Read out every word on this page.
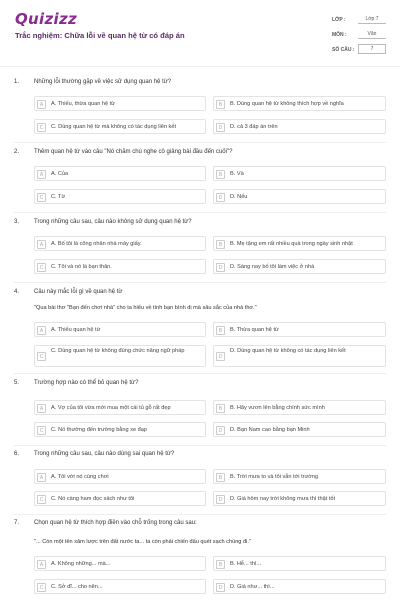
Quizizz
Trắc nghiệm: Chữa lỗi về quan hệ từ có đáp án
LỚP :	Lớp 7
MÔN :	Văn
SỐ CÂU :	7
1. Những lỗi thường gặp về việc sử dụng quan hệ từ?
A	A. Thiếu, thừa quan hệ từ	B	B. Dùng quan hệ từ không thích hợp về nghĩa
C	C. Dùng quan hệ từ mà không có tác dụng liên kết	D	D. cả 3 đáp án trên
2. Thêm quan hệ từ vào câu "Nó chăm chú nghe cô giảng bài đầu đến cuối"?
A	A. Của	B	B. Và
C	C. Từ	D	D. Nếu
3. Trong những câu sau, câu nào không sử dụng quan hệ từ?
A	A. Bố tôi là công nhân nhà máy giấy.	B	B. Mẹ tặng em rất nhiều quà trong ngày sinh nhật
C	C. Tôi và nó là bạn thân.	D	D. Sáng nay bố tôi làm việc ở nhà
4. Câu này mắc lỗi gì về quan hệ từ
"Qua bài thơ "Bạn đến chơi nhà" cho ta hiểu về tình bạn bình dị mà sâu sắc của nhà thơ."
A	A. Thiếu quan hệ từ	B	B. Thừa quan hệ từ
C
C. Dùng quan hệ từ không đúng chức năng ngữ pháp
D
D. Dùng quan hệ từ không có tác dụng liên kết
5. Trường hợp nào có thể bỏ quan hệ từ?
A	A. Vợ của tôi vừa mới mua một cái tủ gỗ rất đẹp	B	B. Hãy vươn lên bằng chính sức mình
C	C. Nó thường đến trường bằng xe đạp	D	D. Bạn Nam cao bằng bạn Minh
6. Trong những câu sau, câu nào dùng sai quan hệ từ?
A	A. Tôi với nó cùng chơi	B	B. Trời mưa to và tôi vẫn tới trường
C	C. Nó càng ham đọc sách như tôi	D	D. Giá hôm nay trời không mưa thì thật tốt
7. Chọn quan hệ từ thích hợp điền vào chỗ trống trong câu sau:
"... Còn một tên xâm lược trên đất nước ta... ta còn phải chiến đấu quét sạch chúng đi."
A	A. Không những... mà...	B	B. Hễ... thì...
C	C. Sở dĩ... cho nên...	D	D. Giá như... thì...
